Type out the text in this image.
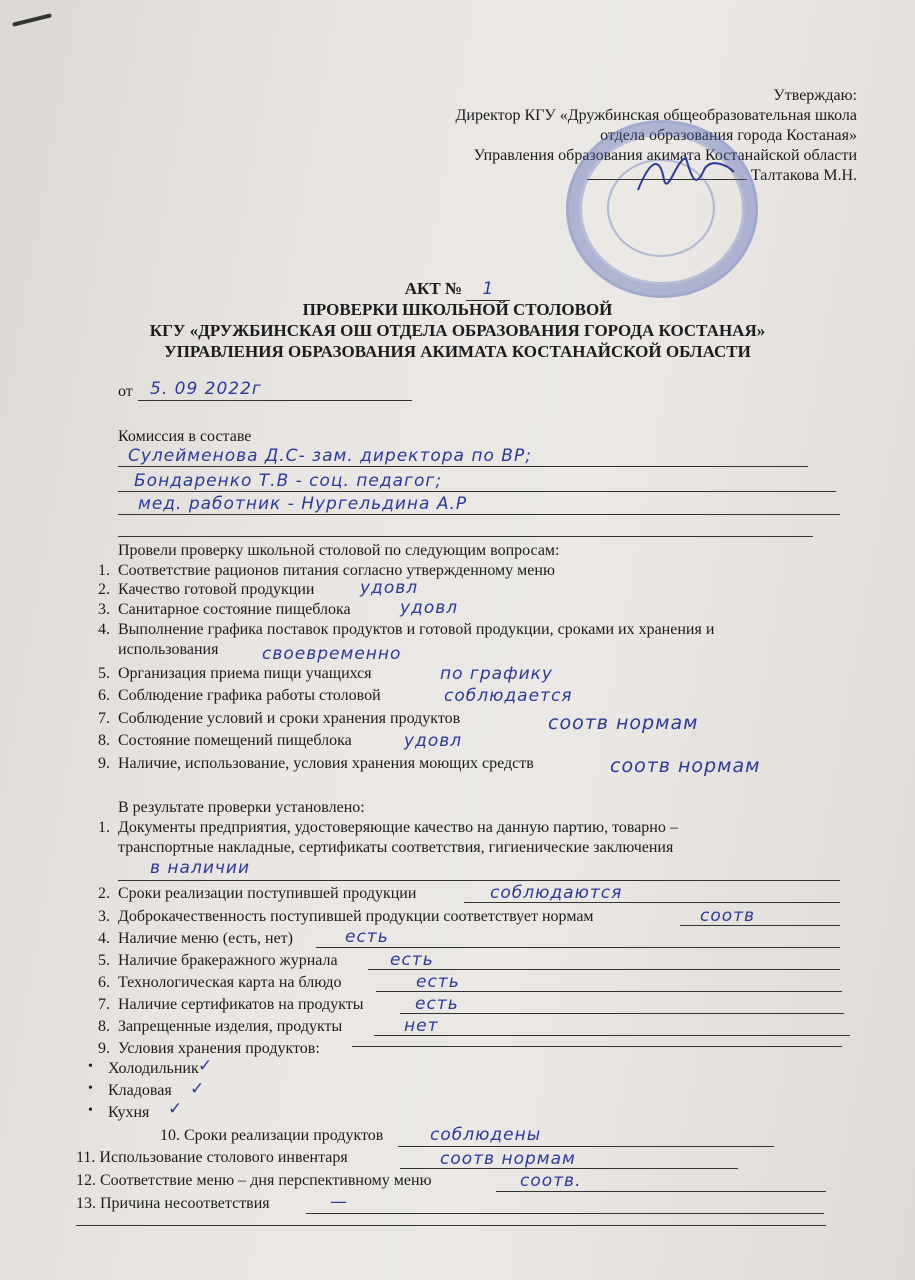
Утверждаю:
Директор КГУ «Дружбинская общеобразовательная школа
отдела образования города Костаная»
Управления образования акимата Костанайской области
Талтакова М.Н.
АКТ № 1
ПРОВЕРКИ ШКОЛЬНОЙ СТОЛОВОЙ
КГУ «ДРУЖБИНСКАЯ ОШ ОТДЕЛА ОБРАЗОВАНИЯ ГОРОДА КОСТАНАЯ»
УПРАВЛЕНИЯ ОБРАЗОВАНИЯ АКИМАТА КОСТАНАЙСКОЙ ОБЛАСТИ
от 5. 09 2022г
Комиссия в составе
Сулейменова Д.С- зам. директора по ВР;
Бондаренко Т.В - соц. педагог;
мед. работник - Нургельдина А.Р
Провели проверку школьной столовой по следующим вопросам:
1. Соответствие рационов питания согласно утвержденному меню
2. Качество готовой продукции	удовл
3. Санитарное состояние пищеблока	удовл
4. Выполнение графика поставок продуктов и готовой продукции, сроками их хранения и
использования	своевременно
5. Организация приема пищи учащихся	по графику
6. Соблюдение графика работы столовой	соблюдается
7. Соблюдение условий и сроки хранения продуктов	соотв нормам
8. Состояние помещений пищеблока	удовл
9. Наличие, использование, условия хранения моющих средств	соотв нормам
В результате проверки установлено:
1. Документы предприятия, удостоверяющие качество на данную партию, товарно –
транспортные накладные, сертификаты соответствия, гигиенические заключения
в наличии
2. Сроки реализации поступившей продукции	соблюдаются
3. Доброкачественность поступившей продукции соответствует нормам	соотв
4. Наличие меню (есть, нет)	есть
5. Наличие бракеражного журнала	есть
6. Технологическая карта на блюдо	есть
7. Наличие сертификатов на продукты	есть
8. Запрещенные изделия, продукты	нет
9. Условия хранения продуктов:
• Холодильник ✓
• Кладовая ✓
• Кухня ✓
10. Сроки реализации продуктов	соблюдены
11. Использование столового инвентаря	соотв нормам
12. Соответствие меню – дня перспективному меню	соотв.
13. Причина несоответствия	—
